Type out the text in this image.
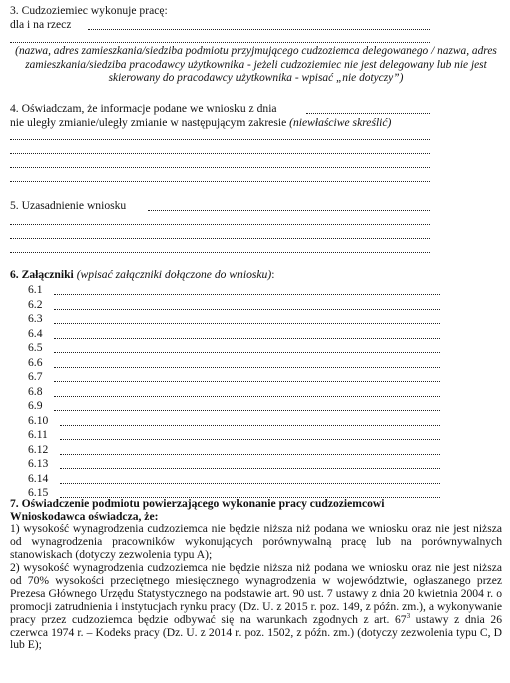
3. Cudzoziemiec wykonuje pracę:
dla i na rzecz
(nazwa, adres zamieszkania/siedziba podmiotu przyjmującego cudzoziemca delegowanego / nazwa, adres zamieszkania/siedziba pracodawcy użytkownika - jeżeli cudzoziemiec nie jest delegowany lub nie jest skierowany do pracodawcy użytkownika - wpisać „nie dotyczy”)
4. Oświadczam, że informacje podane we wniosku z dnia
nie uległy zmianie/uległy zmianie w następującym zakresie (niewłaściwe skreślić)
5. Uzasadnienie wniosku
6. Załączniki (wpisać załączniki dołączone do wniosku):
6.1
6.2
6.3
6.4
6.5
6.6
6.7
6.8
6.9
6.10
6.11
6.12
6.13
6.14
6.15
7. Oświadczenie podmiotu powierzającego wykonanie pracy cudzoziemcowi
Wnioskodawca oświadcza, że:
1) wysokość wynagrodzenia cudzoziemca nie będzie niższa niż podana we wniosku oraz nie jest niższa od wynagrodzenia pracowników wykonujących porównywalną pracę lub na porównywalnych stanowiskach (dotyczy zezwolenia typu A);
2) wysokość wynagrodzenia cudzoziemca nie będzie niższa niż podana we wniosku oraz nie jest niższa od 70% wysokości przeciętnego miesięcznego wynagrodzenia w województwie, ogłaszanego przez Prezesa Głównego Urzędu Statystycznego na podstawie art. 90 ust. 7 ustawy z dnia 20 kwietnia 2004 r. o promocji zatrudnienia i instytucjach rynku pracy (Dz. U. z 2015 r. poz. 149, z późn. zm.), a wykonywanie pracy przez cudzoziemca będzie odbywać się na warunkach zgodnych z art. $67^3$ ustawy z dnia 26 czerwca 1974 r. – Kodeks pracy (Dz. U. z 2014 r. poz. 1502, z późn. zm.) (dotyczy zezwolenia typu C, D lub E);
